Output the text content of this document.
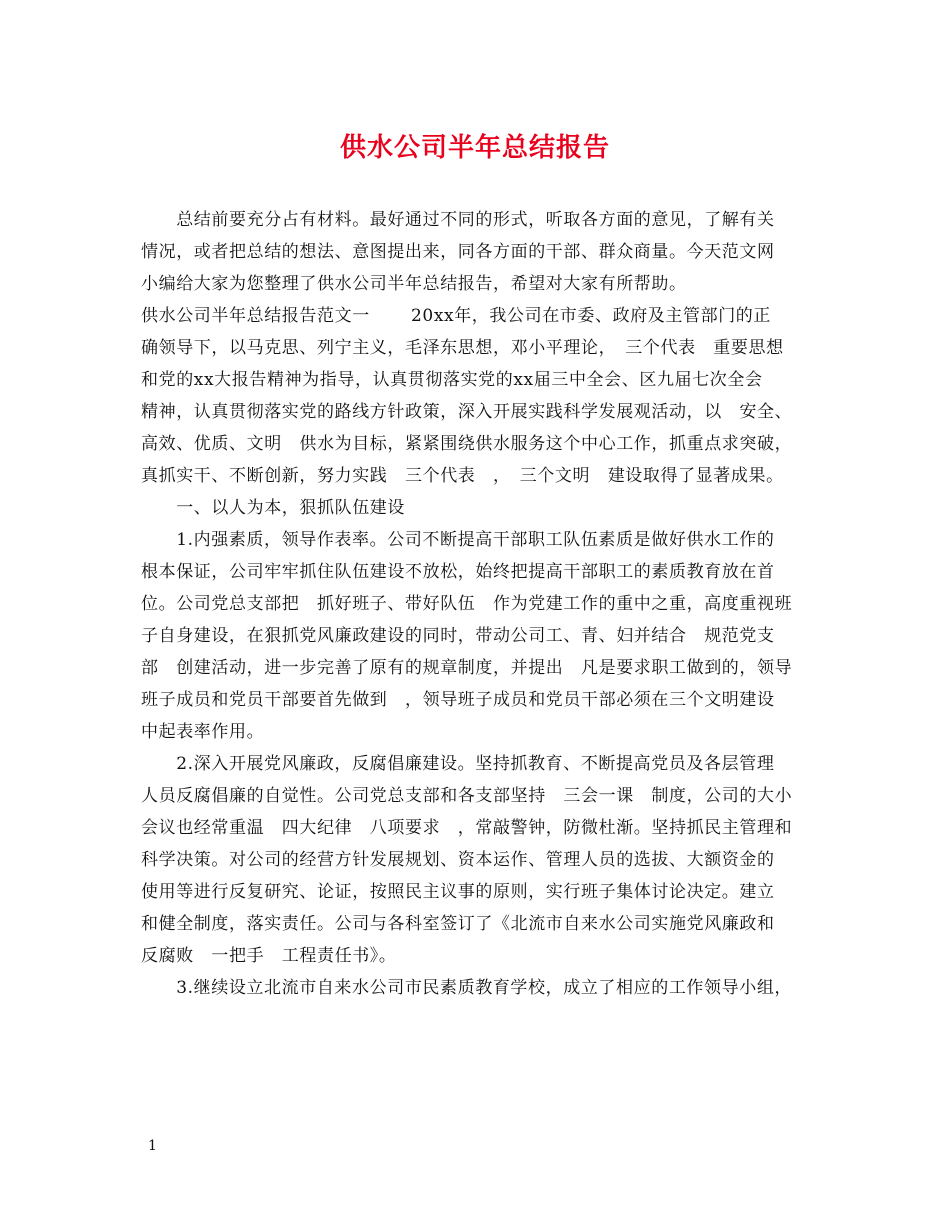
供水公司半年总结报告
　　总结前要充分占有材料。最好通过不同的形式，听取各方面的意见，了解有关
情况，或者把总结的想法、意图提出来，同各方面的干部、群众商量。今天范文网
小编给大家为您整理了供水公司半年总结报告，希望对大家有所帮助。
供水公司半年总结报告范文一　　 20xx年，我公司在市委、政府及主管部门的正
确领导下，以马克思、列宁主义，毛泽东思想，邓小平理论，　三个代表　重要思想
和党的xx大报告精神为指导，认真贯彻落实党的xx届三中全会、区九届七次全会
精神，认真贯彻落实党的路线方针政策，深入开展实践科学发展观活动，以　安全、
高效、优质、文明　供水为目标，紧紧围绕供水服务这个中心工作，抓重点求突破，
真抓实干、不断创新，努力实践　三个代表　，　三个文明　建设取得了显著成果。
　　一、以人为本，狠抓队伍建设
　　1.内强素质，领导作表率。公司不断提高干部职工队伍素质是做好供水工作的
根本保证，公司牢牢抓住队伍建设不放松，始终把提高干部职工的素质教育放在首
位。公司党总支部把　抓好班子、带好队伍　作为党建工作的重中之重，高度重视班
子自身建设，在狠抓党风廉政建设的同时，带动公司工、青、妇并结合　规范党支
部　创建活动，进一步完善了原有的规章制度，并提出　凡是要求职工做到的，领导
班子成员和党员干部要首先做到　，领导班子成员和党员干部必须在三个文明建设
中起表率作用。
　　2.深入开展党风廉政，反腐倡廉建设。坚持抓教育、不断提高党员及各层管理
人员反腐倡廉的自觉性。公司党总支部和各支部坚持　三会一课　制度，公司的大小
会议也经常重温　四大纪律　八项要求　，常敲警钟，防微杜渐。坚持抓民主管理和
科学决策。对公司的经营方针发展规划、资本运作、管理人员的选拔、大额资金的
使用等进行反复研究、论证，按照民主议事的原则，实行班子集体讨论决定。建立
和健全制度，落实责任。公司与各科室签订了《北流市自来水公司实施党风廉政和
反腐败　一把手　工程责任书》。
　　3.继续设立北流市自来水公司市民素质教育学校，成立了相应的工作领导小组，
1
